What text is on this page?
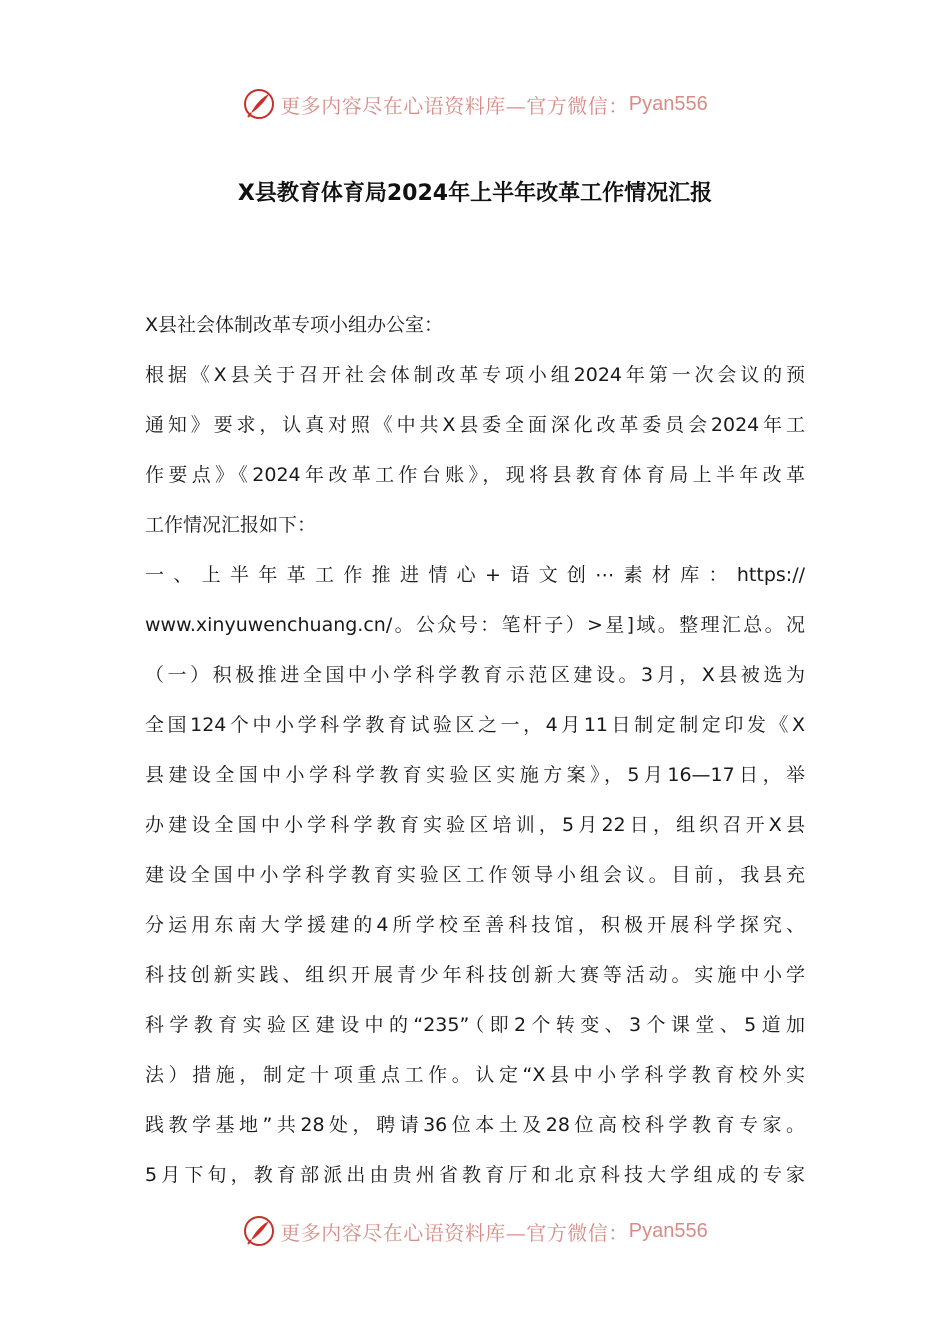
更多内容尽在心语资料库—官方微信： Pyan556
X县教育体育局2024年上半年改革工作情况汇报
X县社会体制改革专项小组办公室：
根据《X县关于召开社会体制改革专项小组2024年第一次会议的预
通知》要求，认真对照《中共X县委全面深化改革委员会2024年工
作要点》《2024年改革工作台账》，现将县教育体育局上半年改革
工作情况汇报如下：
一、上半年革工作推进情心+语文创⋯素材库：https://
www.xinyuwenchuang.cn/。公众号：笔杆子）>星]域。整理汇总。况
（一）积极推进全国中小学科学教育示范区建设。3月，X县被选为
全国124个中小学科学教育试验区之一，4月11日制定制定印发《X
县建设全国中小学科学教育实验区实施方案》，5月16—17日，举
办建设全国中小学科学教育实验区培训，5月22日，组织召开X县
建设全国中小学科学教育实验区工作领导小组会议。目前，我县充
分运用东南大学援建的4所学校至善科技馆，积极开展科学探究、
科技创新实践、组织开展青少年科技创新大赛等活动。实施中小学
科学教育实验区建设中的“235”（即2个转变、3个课堂、5道加
法）措施，制定十项重点工作。认定“X县中小学科学教育校外实
践教学基地”共28处，聘请36位本土及28位高校科学教育专家。
5月下旬，教育部派出由贵州省教育厅和北京科技大学组成的专家
更多内容尽在心语资料库—官方微信： Pyan556
